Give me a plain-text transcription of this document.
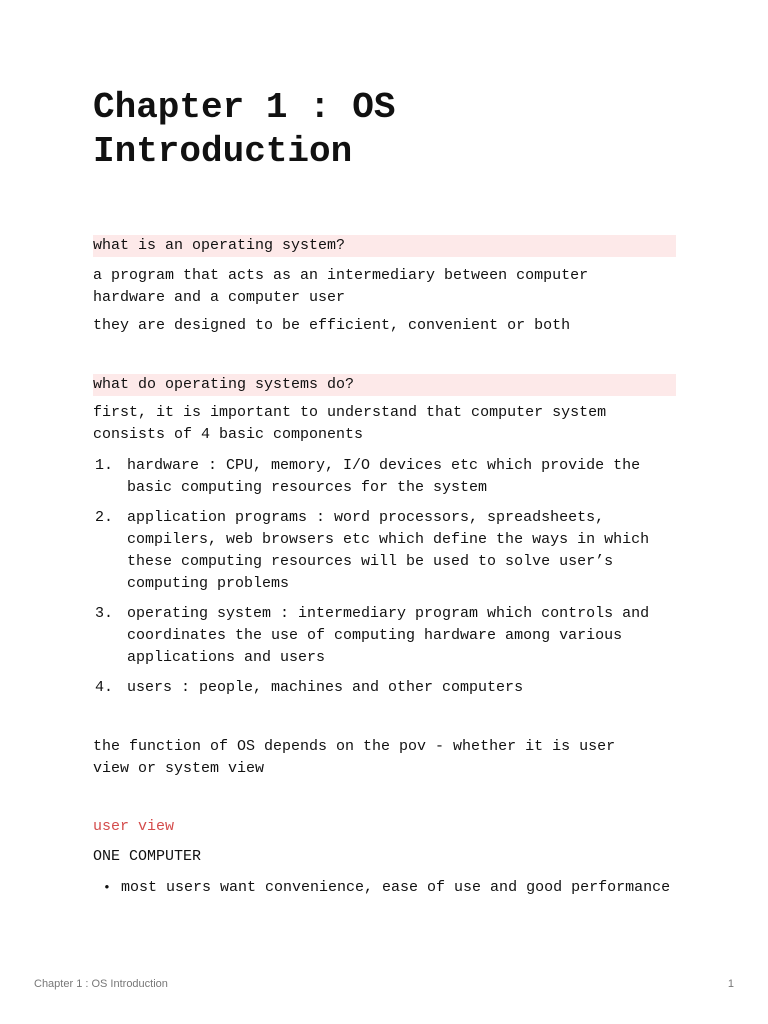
Chapter 1 : OS Introduction
what is an operating system?

a program that acts as an intermediary between computer hardware and a computer user

they are designed to be efficient, convenient or both

what do operating systems do?

first, it is important to understand that computer system consists of 4 basic components

1. hardware : CPU, memory, I/O devices etc which provide the basic computing resources for the system
2. application programs : word processors, spreadsheets, compilers, web browsers etc which define the ways in which these computing resources will be used to solve user’s computing problems
3. operating system : intermediary program which controls and coordinates the use of computing hardware among various applications and users
4. users : people, machines and other computers

the function of OS depends on the pov - whether it is user view or system view

user view

ONE COMPUTER

• most users want convenience, ease of use and good performance
Chapter 1 : OS Introduction	1
